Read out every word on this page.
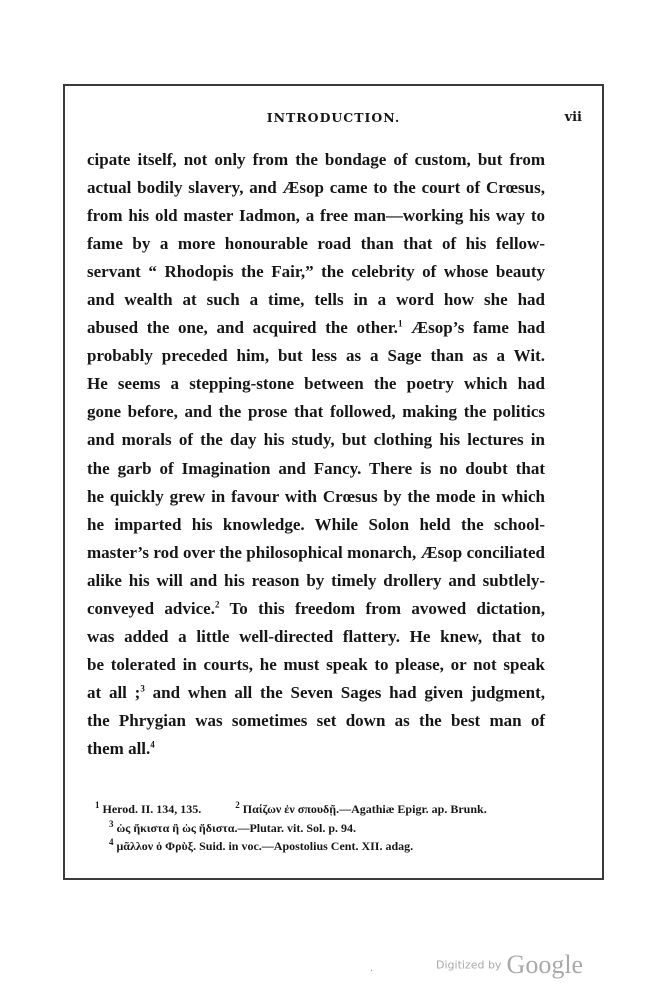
INTRODUCTION.	vii
cipate itself, not only from the bondage of custom, but from
actual bodily slavery, and Æsop came to the court of Crœsus,
from his old master Iadmon, a free man—working his way to
fame by a more honourable road than that of his fellow-
servant “ Rhodopis the Fair,” the celebrity of whose beauty
and wealth at such a time, tells in a word how she had
abused the one, and acquired the other.$^1$ Æsop’s fame had
probably preceded him, but less as a Sage than as a Wit.
He seems a stepping-stone between the poetry which had
gone before, and the prose that followed, making the politics
and morals of the day his study, but clothing his lectures in
the garb of Imagination and Fancy. There is no doubt that
he quickly grew in favour with Crœsus by the mode in which
he imparted his knowledge. While Solon held the school-
master’s rod over the philosophical monarch, Æsop conciliated
alike his will and his reason by timely drollery and subtlely-
conveyed advice.$^2$ To this freedom from avowed dictation,
was added a little well-directed flattery. He knew, that to
be tolerated in courts, he must speak to please, or not speak
at all ;$^3$ and when all the Seven Sages had given judgment,
the Phrygian was sometimes set down as the best man of
them all.$^4$
$^1$ Herod. II. 134, 135.	$^2$ Παίζων ἐν σπουδῇ.—Agathiæ Epigr. ap. Brunk.
$^3$ ὡς ἥκιστα ἢ ὡς ἥδιστα.—Plutar. vit. Sol. p. 94.
$^4$ μᾶλλον ὁ Φρὺξ. Suid. in voc.—Apostolius Cent. XII. adag.
·	Digitized by Google
